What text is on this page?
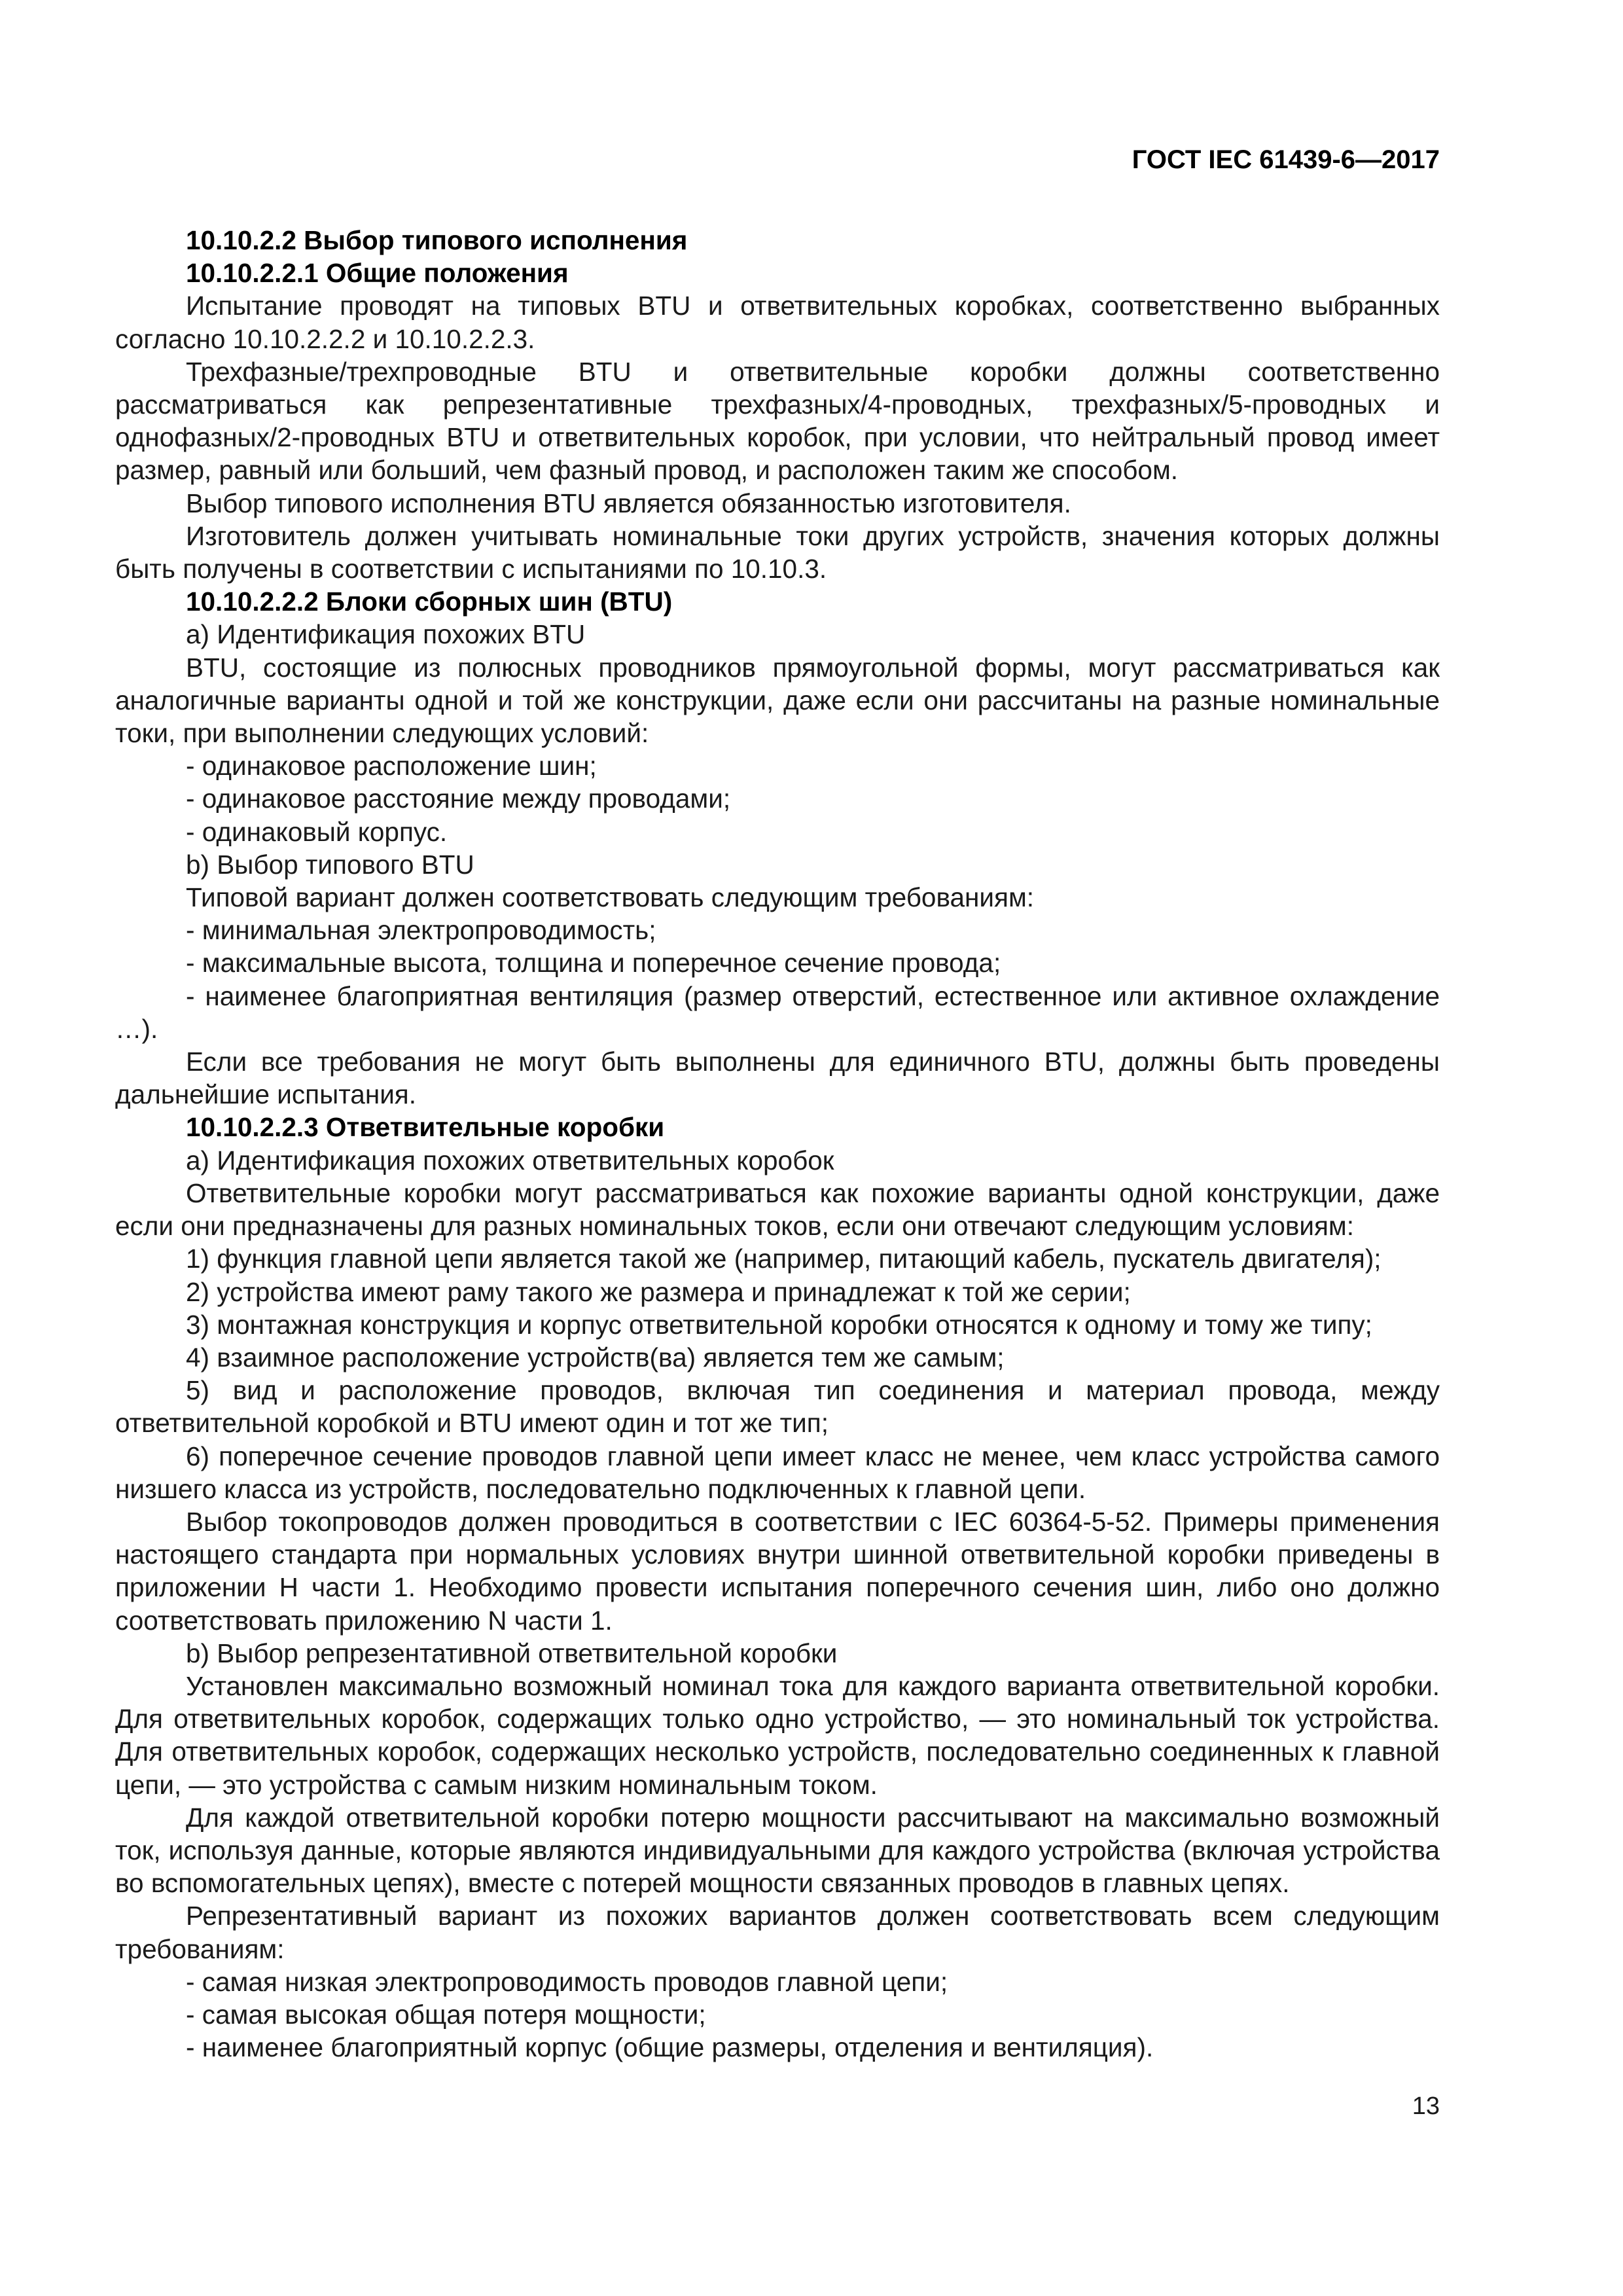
ГОСТ IEC 61439-6—2017

10.10.2.2 Выбор типового исполнения

10.10.2.2.1 Общие положения

Испытание проводят на типовых BTU и ответвительных коробках, соответственно выбранных согласно 10.10.2.2.2 и 10.10.2.2.3.

Трехфазные/трехпроводные BTU и ответвительные коробки должны соответственно рассматриваться как репрезентативные трехфазных/4-проводных, трехфазных/5-проводных и однофазных/2-проводных BTU и ответвительных коробок, при условии, что нейтральный провод имеет размер, равный или больший, чем фазный провод, и расположен таким же способом.

Выбор типового исполнения BTU является обязанностью изготовителя.

Изготовитель должен учитывать номинальные токи других устройств, значения которых должны быть получены в соответствии с испытаниями по 10.10.3.

10.10.2.2.2 Блоки сборных шин (BTU)

a) Идентификация похожих BTU

BTU, состоящие из полюсных проводников прямоугольной формы, могут рассматриваться как аналогичные варианты одной и той же конструкции, даже если они рассчитаны на разные номинальные токи, при выполнении следующих условий:

- одинаковое расположение шин;

- одинаковое расстояние между проводами;

- одинаковый корпус.

b) Выбор типового BTU

Типовой вариант должен соответствовать следующим требованиям:

- минимальная электропроводимость;

- максимальные высота, толщина и поперечное сечение провода;

- наименее благоприятная вентиляция (размер отверстий, естественное или активное охлаждение …).

Если все требования не могут быть выполнены для единичного BTU, должны быть проведены дальнейшие испытания.

10.10.2.2.3 Ответвительные коробки

a) Идентификация похожих ответвительных коробок

Ответвительные коробки могут рассматриваться как похожие варианты одной конструкции, даже если они предназначены для разных номинальных токов, если они отвечают следующим условиям:

1) функция главной цепи является такой же (например, питающий кабель, пускатель двигателя);

2) устройства имеют раму такого же размера и принадлежат к той же серии;

3) монтажная конструкция и корпус ответвительной коробки относятся к одному и тому же типу;

4) взаимное расположение устройств(ва) является тем же самым;

5) вид и расположение проводов, включая тип соединения и материал провода, между ответвительной коробкой и BTU имеют один и тот же тип;

6) поперечное сечение проводов главной цепи имеет класс не менее, чем класс устройства самого низшего класса из устройств, последовательно подключенных к главной цепи.

Выбор токопроводов должен проводиться в соответствии с IEC 60364-5-52. Примеры применения настоящего стандарта при нормальных условиях внутри шинной ответвительной коробки приведены в приложении H части 1. Необходимо провести испытания поперечного сечения шин, либо оно должно соответствовать приложению N части 1.

b) Выбор репрезентативной ответвительной коробки

Установлен максимально возможный номинал тока для каждого варианта ответвительной коробки. Для ответвительных коробок, содержащих только одно устройство, — это номинальный ток устройства. Для ответвительных коробок, содержащих несколько устройств, последовательно соединенных к главной цепи, — это устройства с самым низким номинальным током.

Для каждой ответвительной коробки потерю мощности рассчитывают на максимально возможный ток, используя данные, которые являются индивидуальными для каждого устройства (включая устройства во вспомогательных цепях), вместе с потерей мощности связанных проводов в главных цепях.

Репрезентативный вариант из похожих вариантов должен соответствовать всем следующим требованиям:

- самая низкая электропроводимость проводов главной цепи;

- самая высокая общая потеря мощности;

- наименее благоприятный корпус (общие размеры, отделения и вентиляция).

13
